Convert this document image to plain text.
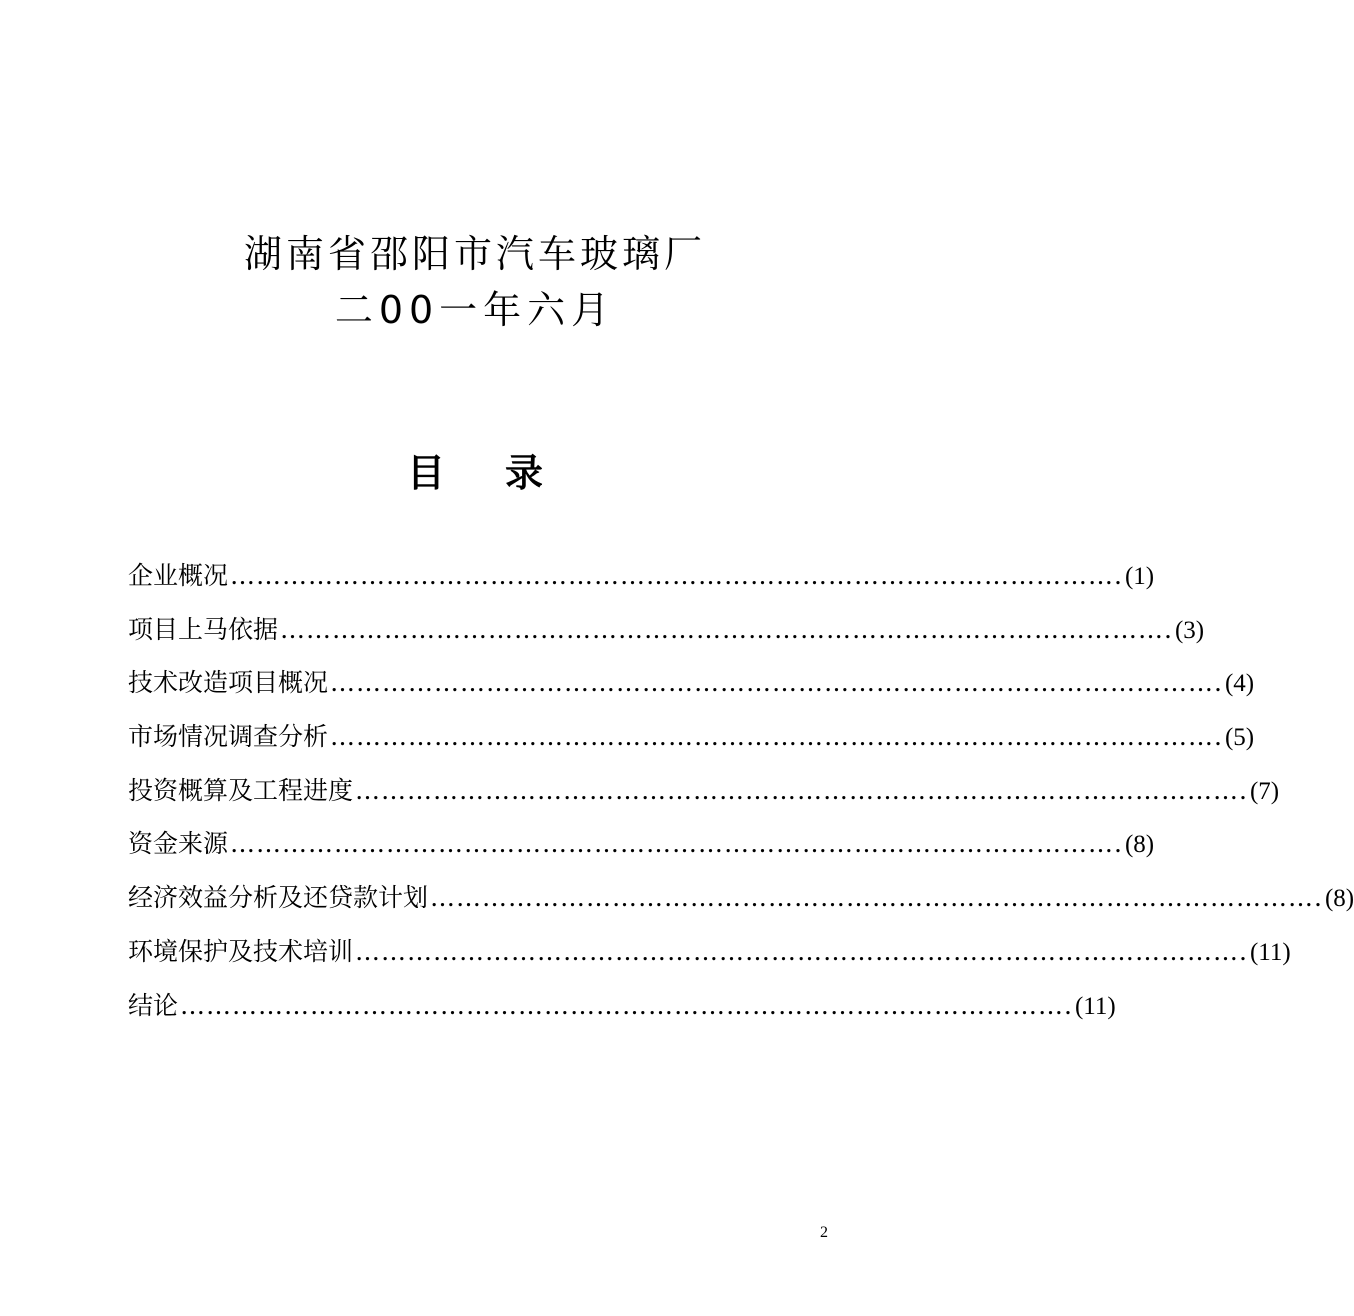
湖南省邵阳市汽车玻璃厂
二00一年六月
目 录
企业概况 …………………………………………………………………………………………. (1)
项目上马依据 …………………………………………………………………………………………. (3)
技术改造项目概况 …………………………………………………………………………………………. (4)
市场情况调查分析 …………………………………………………………………………………………. (5)
投资概算及工程进度 …………………………………………………………………………………………. (7)
资金来源 …………………………………………………………………………………………. (8)
经济效益分析及还贷款计划 …………………………………………………………………………………………. (8)
环境保护及技术培训 …………………………………………………………………………………………. (11)
结论 …………………………………………………………………………………………. (11)
2
